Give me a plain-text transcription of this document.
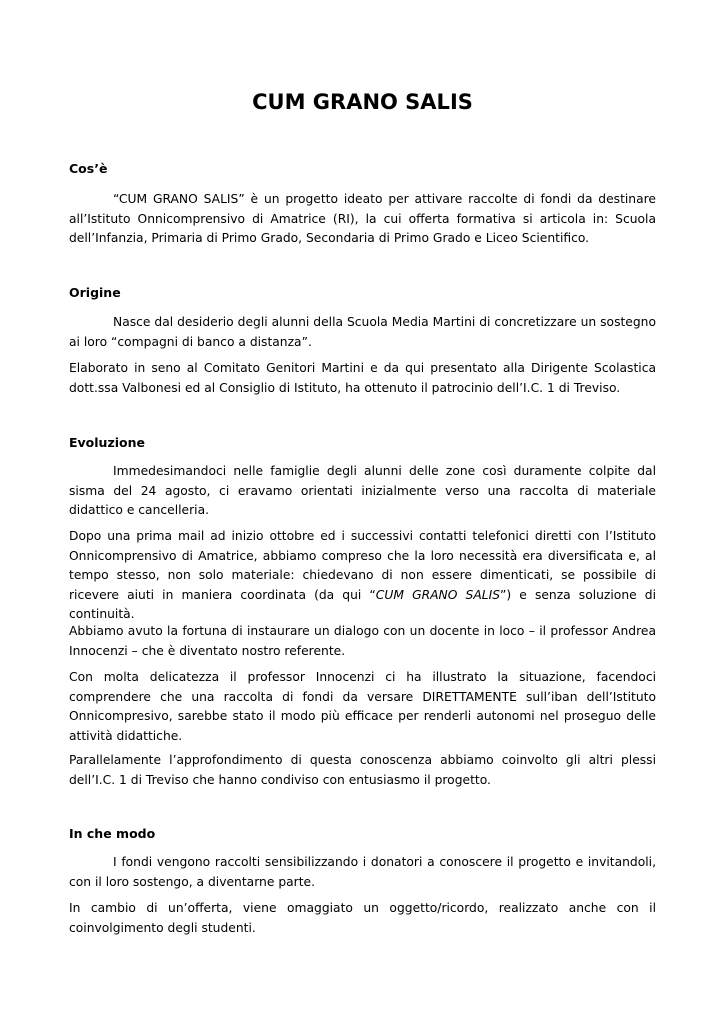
CUM GRANO SALIS
Cos’è

“CUM GRANO SALIS” è un progetto ideato per attivare raccolte di fondi da destinare all’Istituto Onnicomprensivo di Amatrice (RI), la cui offerta formativa si articola in: Scuola dell’Infanzia, Primaria di Primo Grado, Secondaria di Primo Grado e Liceo Scientifico.

Origine

Nasce dal desiderio degli alunni della Scuola Media Martini di concretizzare un sostegno ai loro “compagni di banco a distanza”.

Elaborato in seno al Comitato Genitori Martini e da qui presentato alla Dirigente Scolastica dott.ssa Valbonesi ed al Consiglio di Istituto, ha ottenuto il patrocinio dell’I.C. 1 di Treviso.

Evoluzione

Immedesimandoci nelle famiglie degli alunni delle zone così duramente colpite dal sisma del 24 agosto, ci eravamo orientati inizialmente verso una raccolta di materiale didattico e cancelleria.

Dopo una prima mail ad inizio ottobre ed i successivi contatti telefonici diretti con l’Istituto Onnicomprensivo di Amatrice, abbiamo compreso che la loro necessità era diversificata e, al tempo stesso, non solo materiale: chiedevano di non essere dimenticati, se possibile di ricevere aiuti in maniera coordinata (da qui “CUM GRANO SALIS”) e senza soluzione di continuità.

Abbiamo avuto la fortuna di instaurare un dialogo con un docente in loco – il professor Andrea Innocenzi – che è diventato nostro referente.

Con molta delicatezza il professor Innocenzi ci ha illustrato la situazione, facendoci comprendere che una raccolta di fondi da versare DIRETTAMENTE sull’iban dell’Istituto Onnicompresivo, sarebbe stato il modo più efficace per renderli autonomi nel proseguo delle attività didattiche.

Parallelamente l’approfondimento di questa conoscenza abbiamo coinvolto gli altri plessi dell’I.C. 1 di Treviso che hanno condiviso con entusiasmo il progetto.

In che modo

I fondi vengono raccolti sensibilizzando i donatori a conoscere il progetto e invitandoli, con il loro sostengo, a diventarne parte.

In cambio di un’offerta, viene omaggiato un oggetto/ricordo, realizzato anche con il coinvolgimento degli studenti.
